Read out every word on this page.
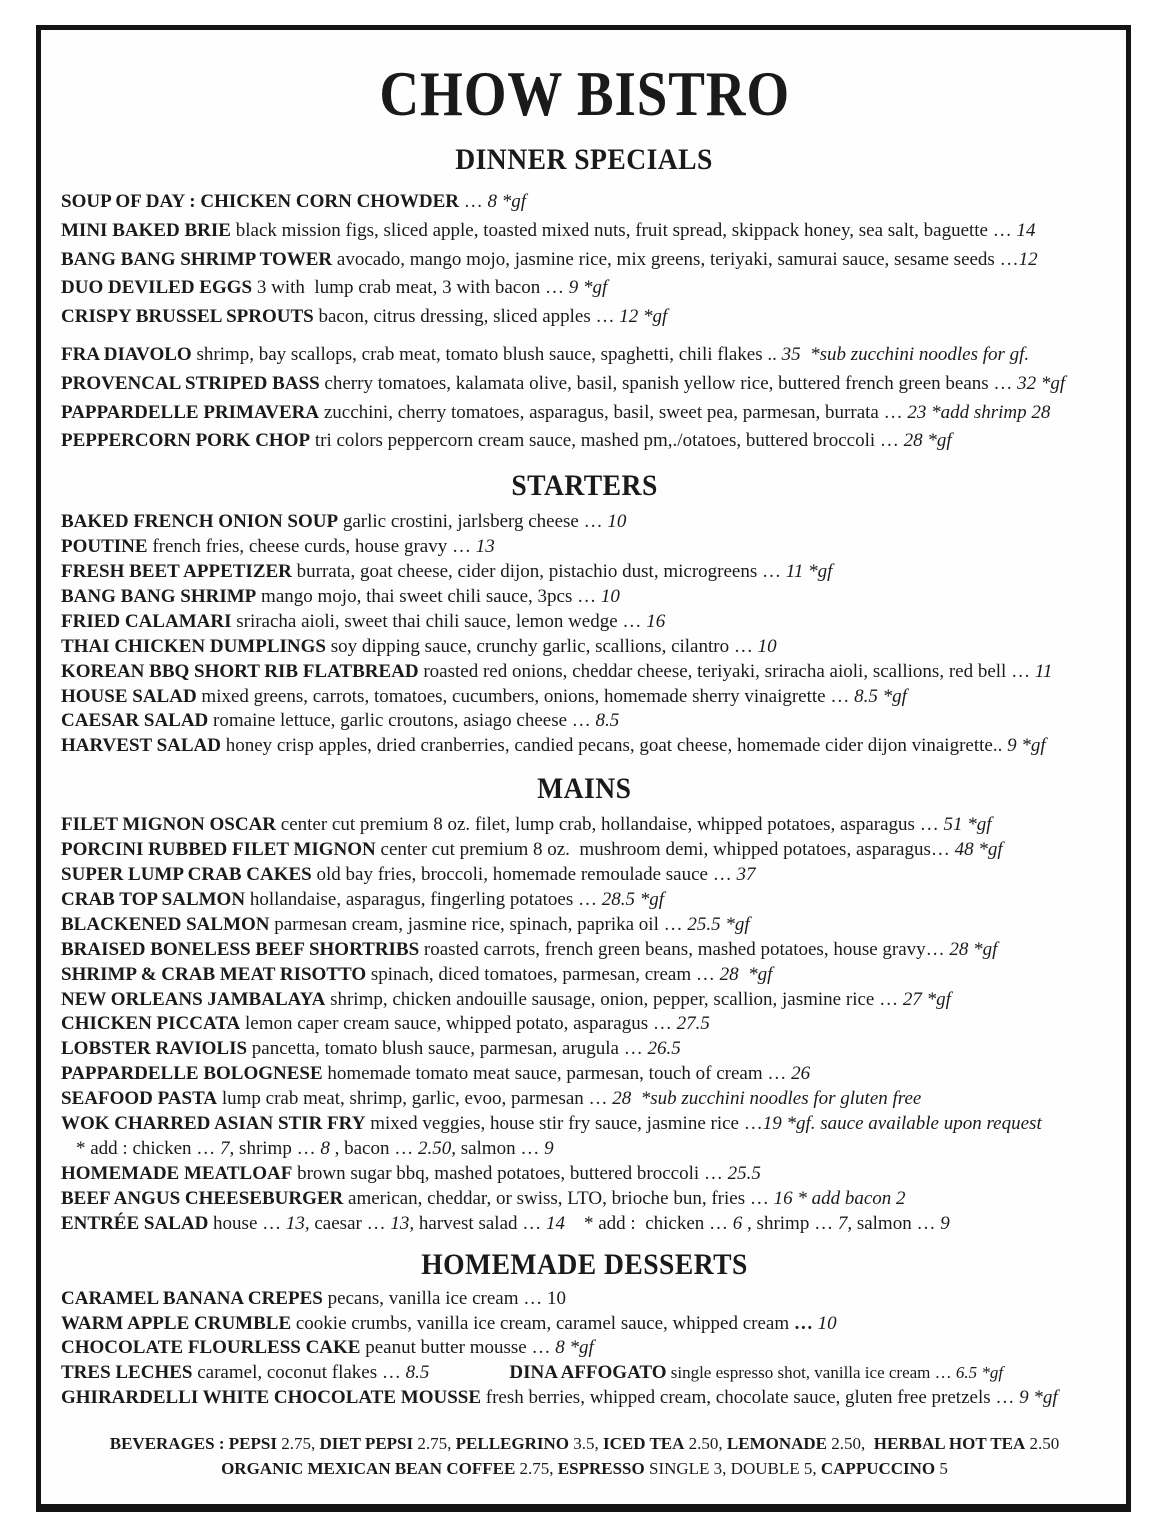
CHOW BISTRO
DINNER SPECIALS
SOUP OF DAY : CHICKEN CORN CHOWDER … 8 *gf
MINI BAKED BRIE black mission figs, sliced apple, toasted mixed nuts, fruit spread, skippack honey, sea salt, baguette … 14
BANG BANG SHRIMP TOWER avocado, mango mojo, jasmine rice, mix greens, teriyaki, samurai sauce, sesame seeds …12
DUO DEVILED EGGS 3 with  lump crab meat, 3 with bacon … 9 *gf
CRISPY BRUSSEL SPROUTS bacon, citrus dressing, sliced apples … 12 *gf
FRA DIAVOLO shrimp, bay scallops, crab meat, tomato blush sauce, spaghetti, chili flakes .. 35  *sub zucchini noodles for gf.
PROVENCAL STRIPED BASS cherry tomatoes, kalamata olive, basil, spanish yellow rice, buttered french green beans … 32 *gf
PAPPARDELLE PRIMAVERA zucchini, cherry tomatoes, asparagus, basil, sweet pea, parmesan, burrata … 23 *add shrimp 28
PEPPERCORN PORK CHOP tri colors peppercorn cream sauce, mashed pm,./otatoes, buttered broccoli … 28 *gf
STARTERS
BAKED FRENCH ONION SOUP garlic crostini, jarlsberg cheese … 10
POUTINE french fries, cheese curds, house gravy … 13
FRESH BEET APPETIZER burrata, goat cheese, cider dijon, pistachio dust, microgreens … 11 *gf
BANG BANG SHRIMP mango mojo, thai sweet chili sauce, 3pcs … 10
FRIED CALAMARI sriracha aioli, sweet thai chili sauce, lemon wedge … 16
THAI CHICKEN DUMPLINGS soy dipping sauce, crunchy garlic, scallions, cilantro … 10
KOREAN BBQ SHORT RIB FLATBREAD roasted red onions, cheddar cheese, teriyaki, sriracha aioli, scallions, red bell … 11
HOUSE SALAD mixed greens, carrots, tomatoes, cucumbers, onions, homemade sherry vinaigrette … 8.5 *gf
CAESAR SALAD romaine lettuce, garlic croutons, asiago cheese … 8.5
HARVEST SALAD honey crisp apples, dried cranberries, candied pecans, goat cheese, homemade cider dijon vinaigrette.. 9 *gf
MAINS
FILET MIGNON OSCAR center cut premium 8 oz. filet, lump crab, hollandaise, whipped potatoes, asparagus … 51 *gf
PORCINI RUBBED FILET MIGNON center cut premium 8 oz.  mushroom demi, whipped potatoes, asparagus… 48 *gf
SUPER LUMP CRAB CAKES old bay fries, broccoli, homemade remoulade sauce … 37
CRAB TOP SALMON hollandaise, asparagus, fingerling potatoes … 28.5 *gf
BLACKENED SALMON parmesan cream, jasmine rice, spinach, paprika oil … 25.5 *gf
BRAISED BONELESS BEEF SHORTRIBS roasted carrots, french green beans, mashed potatoes, house gravy… 28 *gf
SHRIMP & CRAB MEAT RISOTTO spinach, diced tomatoes, parmesan, cream … 28  *gf
NEW ORLEANS JAMBALAYA shrimp, chicken andouille sausage, onion, pepper, scallion, jasmine rice … 27 *gf
CHICKEN PICCATA lemon caper cream sauce, whipped potato, asparagus … 27.5
LOBSTER RAVIOLIS pancetta, tomato blush sauce, parmesan, arugula … 26.5
PAPPARDELLE BOLOGNESE homemade tomato meat sauce, parmesan, touch of cream … 26
SEAFOOD PASTA lump crab meat, shrimp, garlic, evoo, parmesan … 28  *sub zucchini noodles for gluten free
WOK CHARRED ASIAN STIR FRY mixed veggies, house stir fry sauce, jasmine rice …19 *gf. sauce available upon request
* add : chicken … 7, shrimp … 8 , bacon … 2.50, salmon … 9
HOMEMADE MEATLOAF brown sugar bbq, mashed potatoes, buttered broccoli … 25.5
BEEF ANGUS CHEESEBURGER american, cheddar, or swiss, LTO, brioche bun, fries … 16 * add bacon 2
ENTRÉE SALAD house … 13, caesar … 13, harvest salad … 14    * add :  chicken … 6 , shrimp … 7, salmon … 9
HOMEMADE DESSERTS
CARAMEL BANANA CREPES pecans, vanilla ice cream … 10
WARM APPLE CRUMBLE cookie crumbs, vanilla ice cream, caramel sauce, whipped cream … 10
CHOCOLATE FLOURLESS CAKE peanut butter mousse … 8 *gf
TRES LECHES caramel, coconut flakes … 8.5	DINA AFFOGATO single espresso shot, vanilla ice cream … 6.5 *gf
GHIRARDELLI WHITE CHOCOLATE MOUSSE fresh berries, whipped cream, chocolate sauce, gluten free pretzels … 9 *gf
BEVERAGES : PEPSI 2.75, DIET PEPSI 2.75, PELLEGRINO 3.5, ICED TEA 2.50, LEMONADE 2.50,  HERBAL HOT TEA 2.50
ORGANIC MEXICAN BEAN COFFEE 2.75, ESPRESSO SINGLE 3, DOUBLE 5, CAPPUCCINO 5
